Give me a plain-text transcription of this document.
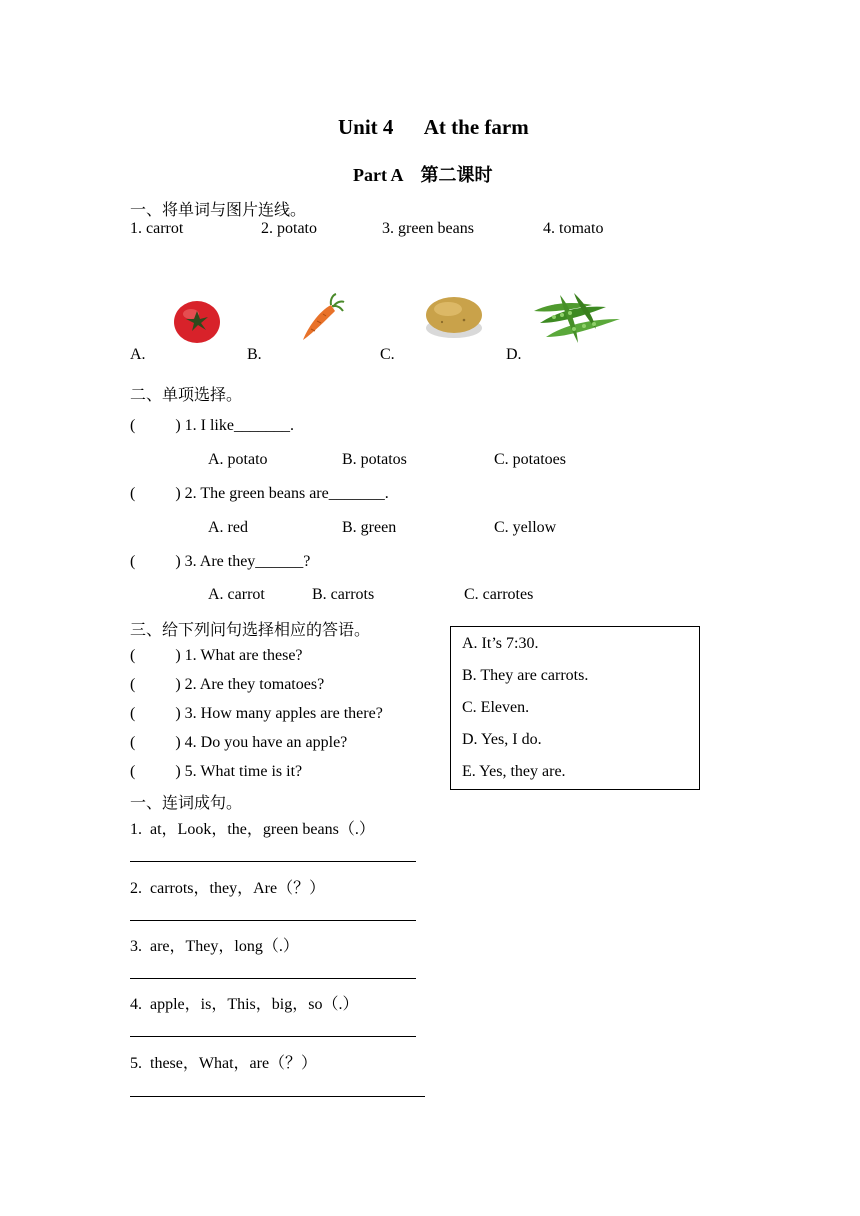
Unit 4      At the farm
Part A    第二课时
一、将单词与图片连线。
1. carrot	2. potato	3. green beans	4. tomato
A.	B.	C.	D.
二、单项选择。
(          ) 1. I like_______.
A. potato	B. potatos	C. potatoes
(          ) 2. The green beans are_______.
A. red	B. green	C. yellow
(          ) 3. Are they______?
A. carrot	B. carrots	C. carrotes
三、给下列问句选择相应的答语。
(          ) 1. What are these?
(          ) 2. Are they tomatoes?
(          ) 3. How many apples are there?
(          ) 4. Do you have an apple?
(          ) 5. What time is it?
A. It’s 7:30.
B. They are carrots.
C. Eleven.
D. Yes, I do.
E. Yes, they are.
一、连词成句。
1.  at，Look，the，green beans（.）
2.  carrots，they，Are（？）
3.  are，They，long（.）
4.  apple，is，This，big，so（.）
5.  these，What，are（？）
